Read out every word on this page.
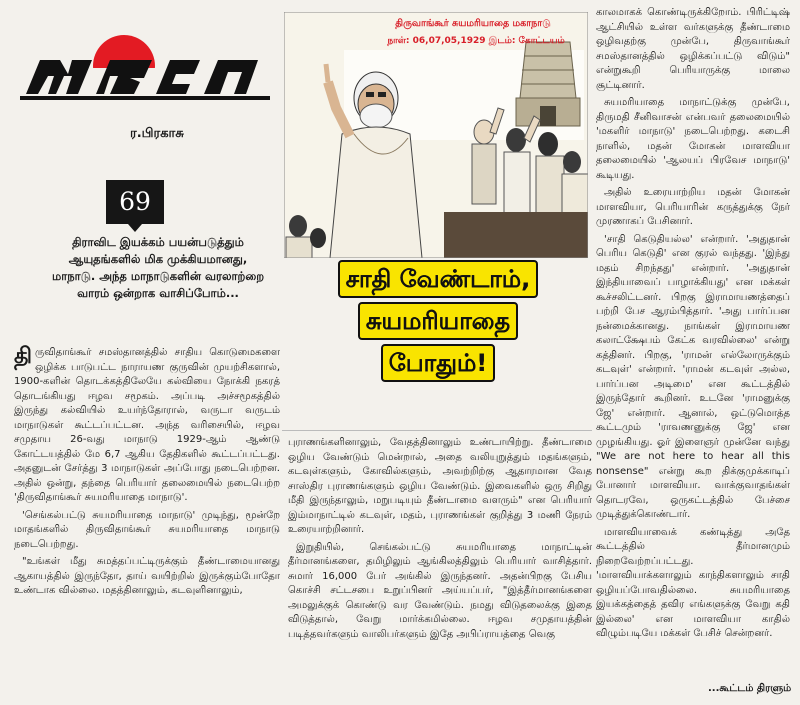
ர.பிரகாசு
69
திராவிட இயக்கம் பயன்படுத்தும் ஆயுதங்களில் மிக முக்கியமானது, மாநாடு. அந்த மாநாடுகளின் வரலாற்றை வாரம் ஒன்றாக வாசிப்போம்...

திருவிதாங்கூர் சமஸ்தானத்தில் சாதிய கொடுமைகளை ஒழிக்க பாடுபட்ட நாராயண குருவின் முயற்சிகளால், 1900-களின் தொடக்கத்திலேயே கல்வியை நோக்கி நகரத் தொடங்கியது ஈழவ சமூகம். அப்படி அச்சமூகத்தில் இருந்து கல்வியில் உயர்ந்தோரால், வருடா வருடம் மாநாடுகள் கூட்டப்பட்டன. அந்த வரிசையில், ஈழவ சமுதாய 26-வது மாநாடு 1929-ஆம் ஆண்டு கோட்டயத்தில் மே 6,7 ஆகிய தேதிகளில் கூட்டப்பட்டது. அதனுடன் சேர்த்து 3 மாநாடுகள் அப்போது நடைபெற்றன. அதில் ஒன்று, தந்தை பெரியார் தலைமையில் நடைபெற்ற 'திருவிதாங்கூர் சுயமரியாதை மாநாடு'.

'செங்கல்பட்டு சுயமரியாதை மாநாடு' முடிந்து, மூன்றே மாதங்களில் திருவிதாங்கூர் சுயமரியாதை மாநாடு நடைபெற்றது.

"உங்கள் மீது சுமத்தப்பட்டிருக்கும் தீண்டாமையானது ஆகாயத்தில் இருந்தோ, தாய் வயிற்றில் இருக்கும்போதோ உண்டாக வில்லை. மதத்தினாலும், கடவுளினாலும்,

திருவாங்கூர் சுயமரியாதை மகாநாடு
நாள்: 06,07,05,1929 இடம்: கோட்டயம்
சாதி வேண்டாம்,
சுயமரியாதை
போதும்!

புராணங்களினாலும், வேதத்தினாலும் உண்டாயிற்று. தீண்டாமை ஒழிய வேண்டும் மென்றால், அதை வலியுறுத்தும் மதங்களும், கடவுள்களும், கோவில்களும், அவற்றிற்கு ஆதாரமான வேத சாஸ்திர புராணங்களும் ஒழிய வேண்டும். இவைகளில் ஒரு சிறிது மீதி இருந்தாலும், மறுபடியும் தீண்டாமை வளரும்" என பெரியார் இம்மாநாட்டில் கடவுள், மதம், புராணங்கள் குறித்து 3 மணி நேரம் உரையாற்றினார்.

இறுதியில், செங்கல்பட்டு சுயமரியாதை மாநாட்டின் தீர்மானங்களை, தமிழிலும் ஆங்கிலத்திலும் பெரியார் வாசித்தார். சுமார் 16,000 பேர் அங்கில் இருந்தனர். அதன்பிறகு பேசிய கொச்சி சட்டசபை உறுப்பினர் அய்யப்பர், "இத்தீர்மானங்களை அமலுக்குக் கொண்டு வர வேண்டும். நமது விடுதலைக்கு இதை விடுத்தால், வேறு மார்க்கமில்லை. ஈழவ சமுதாயத்தின் படித்தவர்களும் வாலிபர்களும் இதே அபிப்ராயத்தை வெகு

காலமாகக் கொண்டிருக்கிறோம். பிரிட்டிஷ் ஆட்சியில் உள்ள வர்களுக்கு தீண்டாமை ஒழிவதற்கு முன்பே, திருவாங்கூர் சமஸ்தானத்தில் ஒழிக்கப்பட்டு விடும்" என்றுகூறி பெரியாருக்கு மாலை சூட்டினார்.

சுயமரியாதை மாநாட்டுக்கு முன்பே, திருமதி சீனிவாசன் என்பவர் தலைமையில் 'மகளிர் மாநாடு' நடைபெற்றது. கடைசி நாளில், மதன் மோகன் மாளவியா தலைமையில் 'ஆலயப் பிரவேச மாநாடு' கூடியது.

அதில் உரையாற்றிய மதன் மோகன் மாளவியா, பெரியாரின் கருத்துக்கு நேர் முரணாகப் பேசினார்.

'சாதி கெடுதியல்ல' என்றார். 'அதுதான் பெரிய கெடுதி' என குரல் வந்தது. 'இந்து மதம் சிறந்தது' என்றார். 'அதுதான் இந்தியாவைப் பாழாக்கியது' என மக்கள் கூச்சலிட்டனர். பிறகு இராமாயணத்தைப் பற்றி பேச ஆரம்பித்தார். 'அது பார்ப்பன நன்மைக்கானது. நாங்கள் இராமாயண கலாட்க்ஷேபம் கேட்க வரவில்லை' என்று கத்தினர். பிறகு, 'ராமன் எல்லோருக்கும் கடவுள்' என்றார். 'ராமன் கடவுள் அல்ல, பார்ப்பன அடிமை' என கூட்டத்தில் இருந்தோர் கூறினர். உடனே 'ராமனுக்கு ஜே' என்றார். ஆனால், ஒட்டுமொத்த கூட்டமும் 'ராவணனுக்கு ஜே' என முழங்கியது. ஓர் இளைஞர் முன்னே வந்து "We are not here to hear all this nonsense" என்று கூற திக்குமுக்காடிப் போனார் மாளவியா. வாக்குவாதங்கள் தொடரவே, ஒருகட்டத்தில் பேச்சை முடித்துக்கொண்டார்.

மாளவியாவைக் கண்டித்து அதே கூட்டத்தில் தீர்மானமும் நிறைவேற்றப்பட்டது. 'மாளவியாக்களாலும் காந்திகளாலும் சாதி ஒழியப்போவதில்லை. சுயமரியாதை இயக்கத்தைத் தவிர எங்களுக்கு வேறு கதி இல்லை' என மாளவியா காதில் விழும்படியே மக்கள் பேசிச் சென்றனர்.

...கூட்டம் திரளும்
